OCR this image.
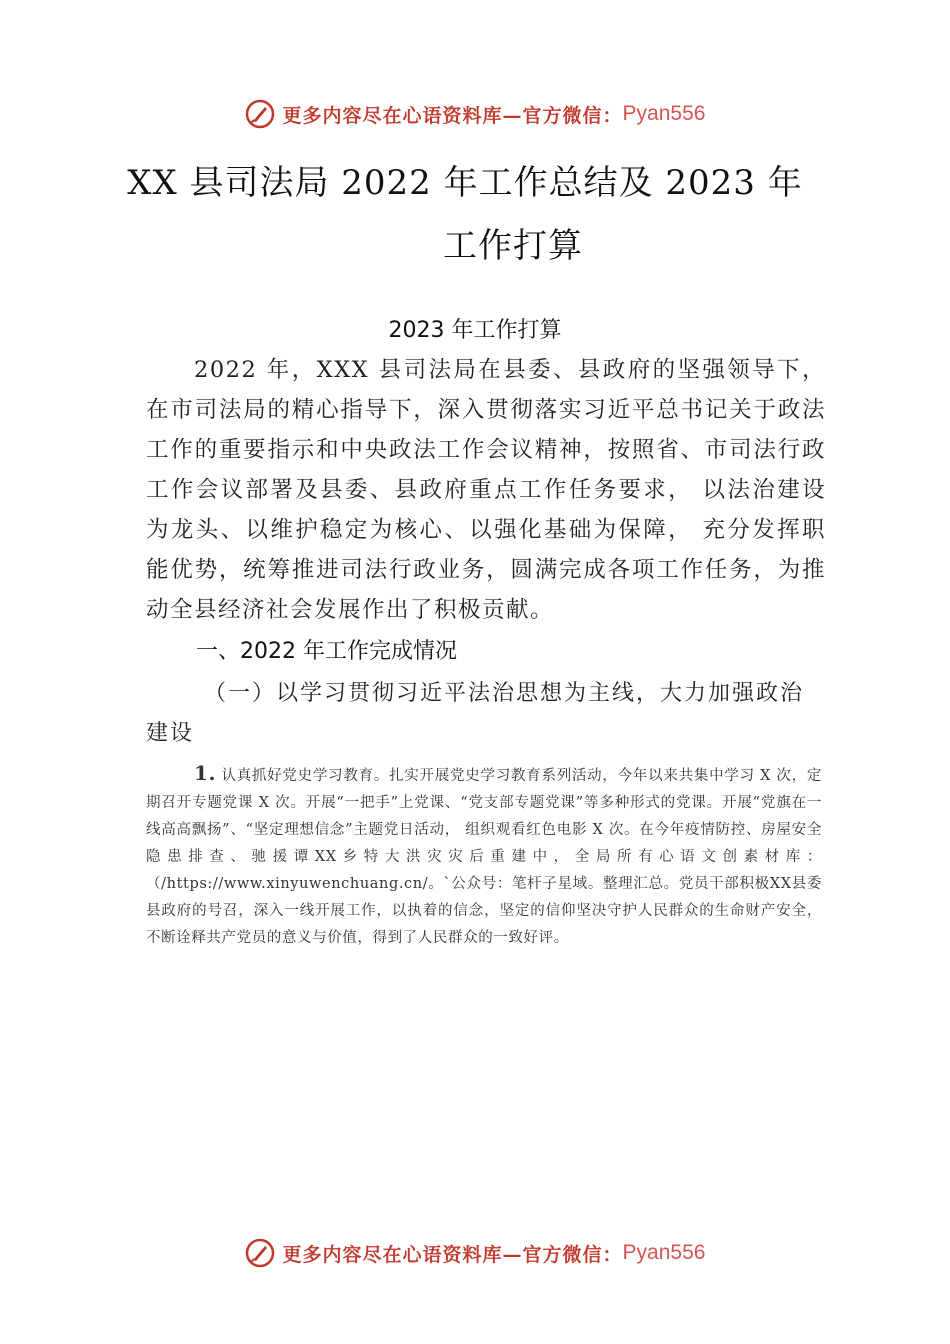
更多内容尽在心语资料库—官方微信： Pyan556
XX 县司法局 2022 年工作总结及 2023 年
工作打算
2023 年工作打算

2022 年，XXX 县司法局在县委、县政府的坚强领导下，在市司法局的精心指导下，深入贯彻落实习近平总书记关于政法工作的重要指示和中央政法工作会议精神，按照省、市司法行政工作会议部署及县委、县政府重点工作任务要求， 以法治建设为龙头、以维护稳定为核心、以强化基础为保障， 充分发挥职能优势，统筹推进司法行政业务，圆满完成各项工作任务，为推动全县经济社会发展作出了积极贡献。

一、2022 年工作完成情况

（一）以学习贯彻习近平法治思想为主线，大力加强政治建设

1. 认真抓好党史学习教育。扎实开展党史学习教育系列活动，今年以来共集中学习 X 次，定期召开专题党课 X 次。开展“一把手”上党课、“党支部专题党课”等多种形式的党课。开展“党旗在一线高高飘扬”、“坚定理想信念”主题党日活动， 组织观看红色电影 X 次。在今年疫情防控、房屋安全隐患排查、驰援谭XX乡特大洪灾灾后重建中，全局所有心语文创素材库：（/https://www.xinyuwenchuang.cn/。`公众号：笔杆子星域。整理汇总。党员干部积极XX县委县政府的号召，深入一线开展工作，以执着的信念，坚定的信仰坚决守护人民群众的生命财产安全，不断诠释共产党员的意义与价值，得到了人民群众的一致好评。

更多内容尽在心语资料库—官方微信： Pyan556
